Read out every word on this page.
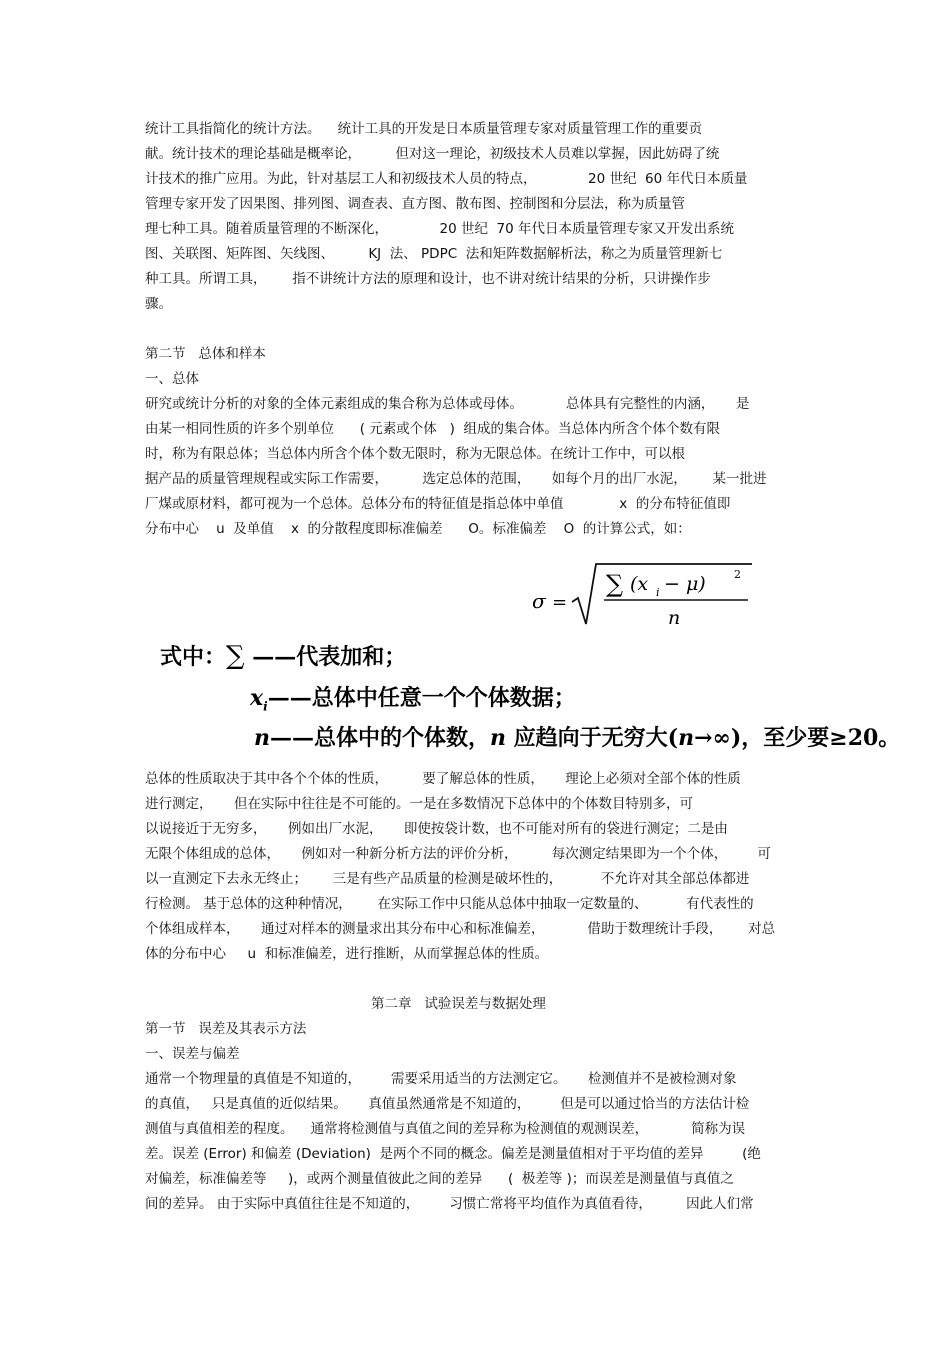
统计工具指简化的统计方法。    统计工具的开发是日本质量管理专家对质量管理工作的重要贡

献。统计技术的理论基础是概率论，        但对这一理论，初级技术人员难以掌握，因此妨碍了统

计技术的推广应用。为此，针对基层工人和初级技术人员的特点，            20 世纪  60 年代日本质量

管理专家开发了因果图、排列图、调查表、直方图、散布图、控制图和分层法，称为质量管

理七种工具。随着质量管理的不断深化，            20 世纪  70 年代日本质量管理专家又开发出系统

图、关联图、矩阵图、矢线图、        KJ  法、 PDPC  法和矩阵数据解析法，称之为质量管理新七

种工具。所谓工具，      指不讲统计方法的原理和设计，也不讲对统计结果的分析，只讲操作步

骤。

第二节   总体和样本

一、总体

研究或统计分析的对象的全体元素组成的集合称为总体或母体。          总体具有完整性的内涵，     是

由某一相同性质的许多个别单位      ( 元素或个体   )  组成的集合体。当总体内所含个体个数有限

时，称为有限总体；当总体内所含个体个数无限时，称为无限总体。在统计工作中，可以根

据产品的质量管理规程或实际工作需要，        选定总体的范围，     如每个月的出厂水泥，      某一批进

厂煤或原材料，都可视为一个总体。总体分布的特征值是指总体中单值             x  的分布特征值即

分布中心    u  及单值    x  的分散程度即标准偏差      O。标准偏差    O  的计算公式，如：

σ =
∑ (x i − μ)	2
n
式中：∑ ——代表加和；
$x_i——$总体中任意一个个体数据；
n——总体中的个体数，n 应趋向于无穷大(n→∞)，至少要≥20。

总体的性质取决于其中各个个体的性质，        要了解总体的性质，     理论上必须对全部个体的性质

进行测定，     但在实际中往往是不可能的。一是在多数情况下总体中的个体数目特别多，可

以说接近于无穷多，     例如出厂水泥，     即使按袋计数，也不可能对所有的袋进行测定；二是由

无限个体组成的总体，     例如对一种新分析方法的评价分析，        每次测定结果即为一个个体，       可

以一直测定下去永无终止；      三是有些产品质量的检测是破坏性的，         不允许对其全部总体都进

行检测。 基于总体的这种种情况，      在实际工作中只能从总体中抽取一定数量的、         有代表性的

个体组成样本，     通过对样本的测量求出其分布中心和标准偏差，          借助于数理统计手段，      对总

体的分布中心     u  和标准偏差，进行推断，从而掌握总体的性质。

第二章   试验误差与数据处理

第一节   误差及其表示方法

一、误差与偏差

通常一个物理量的真值是不知道的，       需要采用适当的方法测定它。     检测值并不是被检测对象

的真值，   只是真值的近似结果。     真值虽然通常是不知道的，       但是可以通过恰当的方法估计检

测值与真值相差的程度。    通常将检测值与真值之间的差异称为检测值的观测误差，          简称为误

差。误差 (Error) 和偏差 (Deviation)  是两个不同的概念。偏差是测量值相对于平均值的差异         (绝

对偏差，标准偏差等     )，或两个测量值彼此之间的差异      (  极差等 )；而误差是测量值与真值之

间的差异。 由于实际中真值往往是不知道的，       习惯亡常将平均值作为真值看待，        因此人们常
